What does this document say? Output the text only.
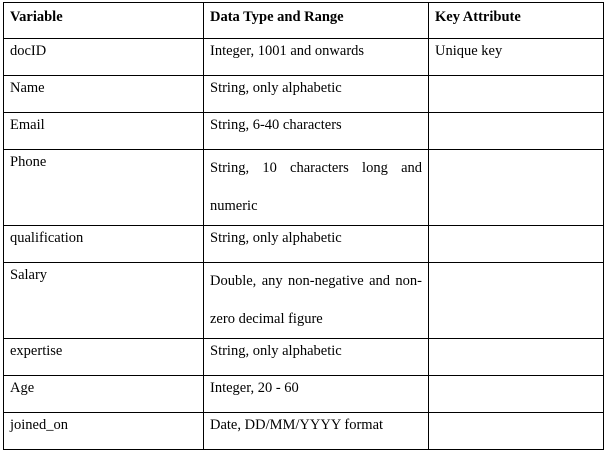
Variable	Data Type and Range	Key Attribute
docID	Integer, 1001 and onwards	Unique key
Name	String, only alphabetic	
Email	String, 6-40 characters	
Phone	String, 10 characters long and numeric	
qualification	String, only alphabetic	
Salary	Double, any non-negative and non-zero decimal figure	
expertise	String, only alphabetic	
Age	Integer, 20 - 60	
joined_on	Date, DD/MM/YYYY format	
